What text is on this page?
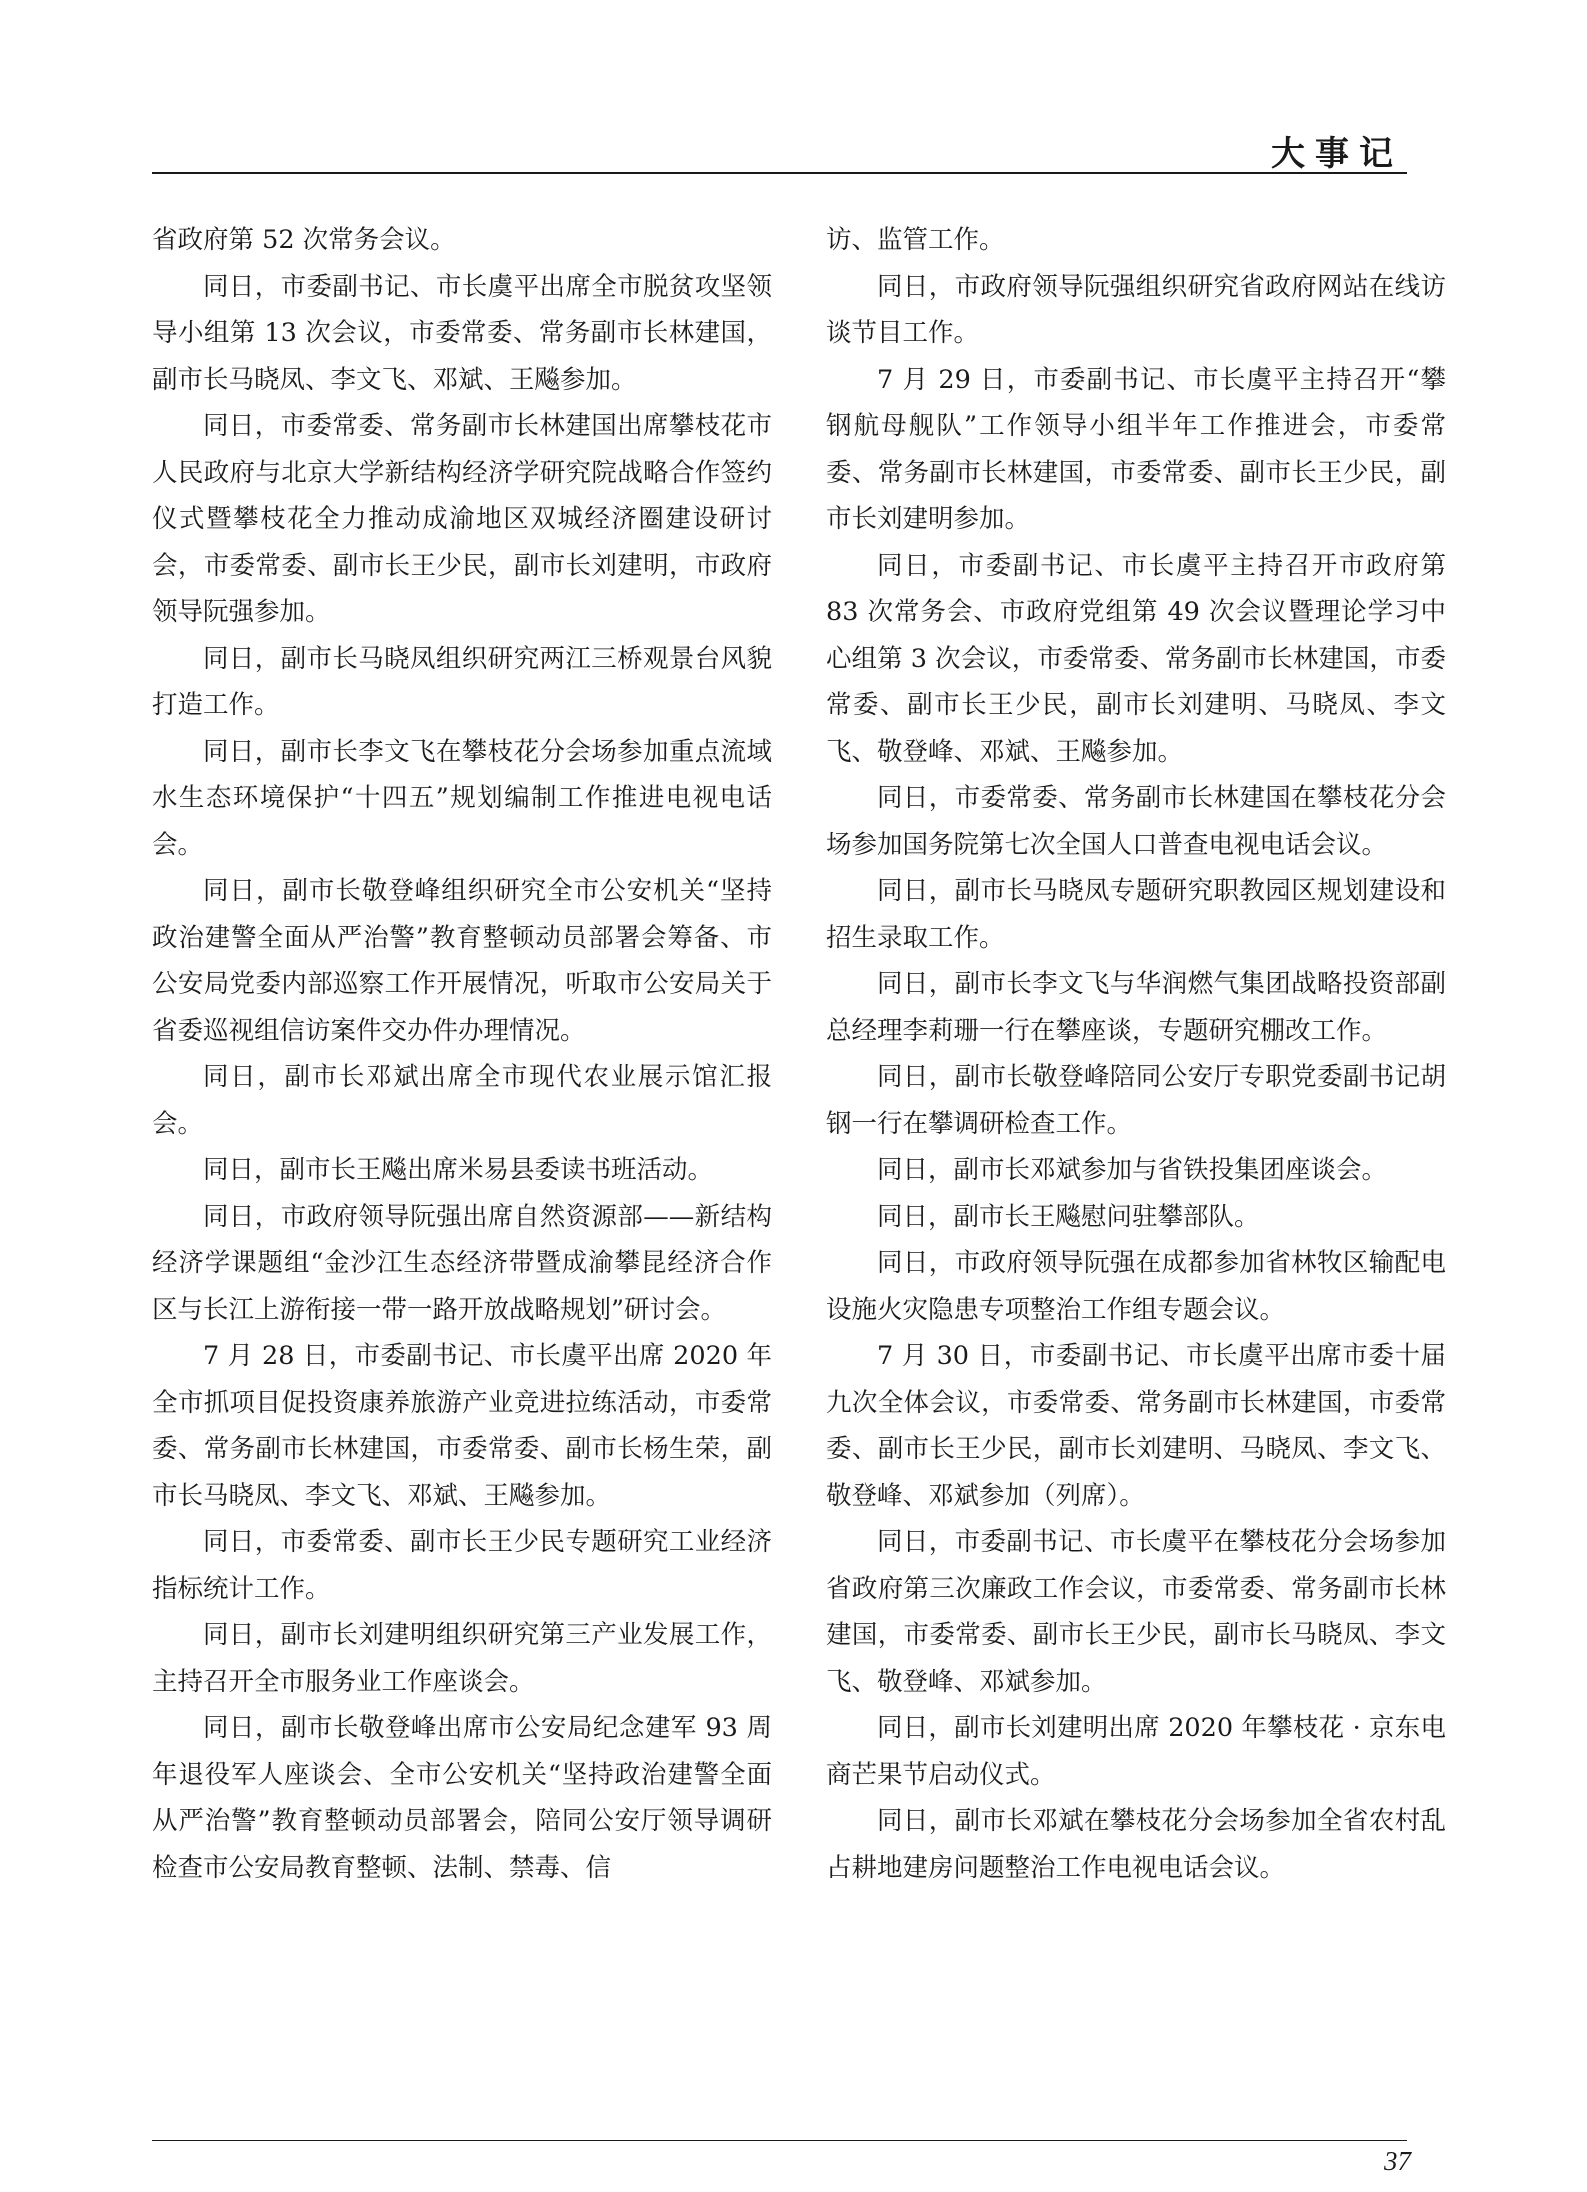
大事记

省政府第 52 次常务会议。

同日，市委副书记、市长虞平出席全市脱贫攻坚领导小组第 13 次会议，市委常委、常务副市长林建国，副市长马晓凤、李文飞、邓斌、王飚参加。

同日，市委常委、常务副市长林建国出席攀枝花市人民政府与北京大学新结构经济学研究院战略合作签约仪式暨攀枝花全力推动成渝地区双城经济圈建设研讨会，市委常委、副市长王少民，副市长刘建明，市政府领导阮强参加。

同日，副市长马晓凤组织研究两江三桥观景台风貌打造工作。

同日，副市长李文飞在攀枝花分会场参加重点流域水生态环境保护“十四五”规划编制工作推进电视电话会。

同日，副市长敬登峰组织研究全市公安机关“坚持政治建警全面从严治警”教育整顿动员部署会筹备、市公安局党委内部巡察工作开展情况，听取市公安局关于省委巡视组信访案件交办件办理情况。

同日，副市长邓斌出席全市现代农业展示馆汇报会。

同日，副市长王飚出席米易县委读书班活动。

同日，市政府领导阮强出席自然资源部——新结构经济学课题组“金沙江生态经济带暨成渝攀昆经济合作区与长江上游衔接一带一路开放战略规划”研讨会。

7 月 28 日，市委副书记、市长虞平出席 2020 年全市抓项目促投资康养旅游产业竞进拉练活动，市委常委、常务副市长林建国，市委常委、副市长杨生荣，副市长马晓凤、李文飞、邓斌、王飚参加。

同日，市委常委、副市长王少民专题研究工业经济指标统计工作。

同日，副市长刘建明组织研究第三产业发展工作，主持召开全市服务业工作座谈会。

同日，副市长敬登峰出席市公安局纪念建军 93 周年退役军人座谈会、全市公安机关“坚持政治建警全面从严治警”教育整顿动员部署会，陪同公安厅领导调研检查市公安局教育整顿、法制、禁毒、信

访、监管工作。

同日，市政府领导阮强组织研究省政府网站在线访谈节目工作。

7 月 29 日，市委副书记、市长虞平主持召开“攀钢航母舰队”工作领导小组半年工作推进会，市委常委、常务副市长林建国，市委常委、副市长王少民，副市长刘建明参加。

同日，市委副书记、市长虞平主持召开市政府第 83 次常务会、市政府党组第 49 次会议暨理论学习中心组第 3 次会议，市委常委、常务副市长林建国，市委常委、副市长王少民，副市长刘建明、马晓凤、李文飞、敬登峰、邓斌、王飚参加。

同日，市委常委、常务副市长林建国在攀枝花分会场参加国务院第七次全国人口普查电视电话会议。

同日，副市长马晓凤专题研究职教园区规划建设和招生录取工作。

同日，副市长李文飞与华润燃气集团战略投资部副总经理李莉珊一行在攀座谈，专题研究棚改工作。

同日，副市长敬登峰陪同公安厅专职党委副书记胡钢一行在攀调研检查工作。

同日，副市长邓斌参加与省铁投集团座谈会。

同日，副市长王飚慰问驻攀部队。

同日，市政府领导阮强在成都参加省林牧区输配电设施火灾隐患专项整治工作组专题会议。

7 月 30 日，市委副书记、市长虞平出席市委十届九次全体会议，市委常委、常务副市长林建国，市委常委、副市长王少民，副市长刘建明、马晓凤、李文飞、敬登峰、邓斌参加（列席）。

同日，市委副书记、市长虞平在攀枝花分会场参加省政府第三次廉政工作会议，市委常委、常务副市长林建国，市委常委、副市长王少民，副市长马晓凤、李文飞、敬登峰、邓斌参加。

同日，副市长刘建明出席 2020 年攀枝花 · 京东电商芒果节启动仪式。

同日，副市长邓斌在攀枝花分会场参加全省农村乱占耕地建房问题整治工作电视电话会议。

37
